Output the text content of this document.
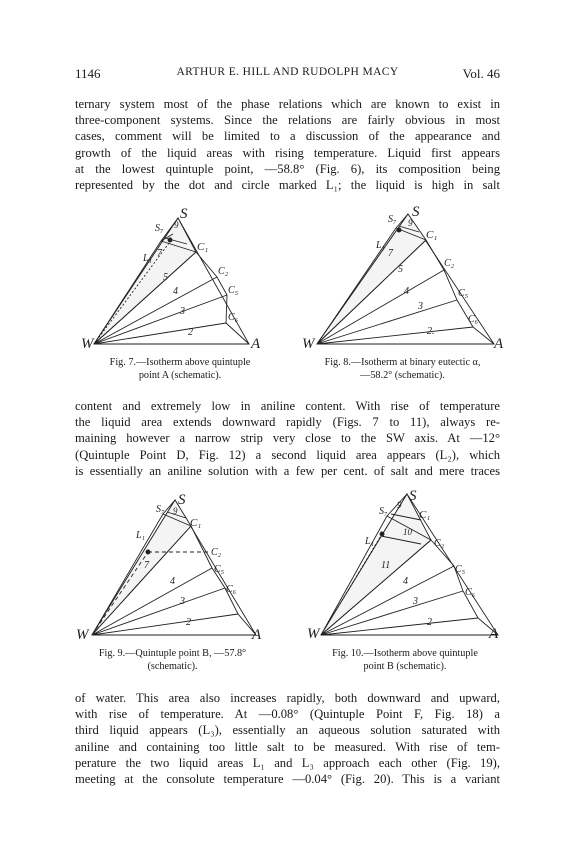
1146	ARTHUR E. HILL AND RUDOLPH MACY	Vol. 46
ternary system most of the phase relations which are known to exist in
three-component systems. Since the relations are fairly obvious in most
cases, comment will be limited to a discussion of the appearance and
growth of the liquid areas with rising temperature. Liquid first appears
at the lowest quintuple point, —58.8° (Fig. 6), its composition being
represented by the dot and circle marked L₁; the liquid is high in salt
S
W	A
C₁
C₂
C₅
C₆
S₇
L₁
9
7
5
4
3
2
Fig. 7.—Isotherm above quintuple
point A (schematic).
S
W	A
C₁
C₂
C₅
C₆
S₇
L₁
9
7
5
4
3
2.
Fig. 8.—Isotherm at binary eutectic α,
—58.2° (schematic).
content and extremely low in aniline content. With rise of temperature
the liquid area extends downward rapidly (Figs. 7 to 11), always re-
maining however a narrow strip very close to the SW axis. At —12°
(Quintuple Point D, Fig. 12) a second liquid area appears (L₂), which
is essentially an aniline solution with a few per cent. of salt and mere traces
S
W	A
C₁
C₂
C₅
C₆
S₇
L₁
9
7
4
3
2
Fig. 9.—Quintuple point B, —57.8°
(schematic).
S
W	A
C₁
C₂
C₅
C₆
S₇
L₁
9
10
11
4
3
2
Fig. 10.—Isotherm above quintuple
point B (schematic).
of water. This area also increases rapidly, both downward and upward,
with rise of temperature. At —0.08° (Quintuple Point F, Fig. 18) a
third liquid appears (L₃), essentially an aqueous solution saturated with
aniline and containing too little salt to be measured. With rise of tem-
perature the two liquid areas L₁ and L₃ approach each other (Fig. 19),
meeting at the consolute temperature —0.04° (Fig. 20). This is a variant
